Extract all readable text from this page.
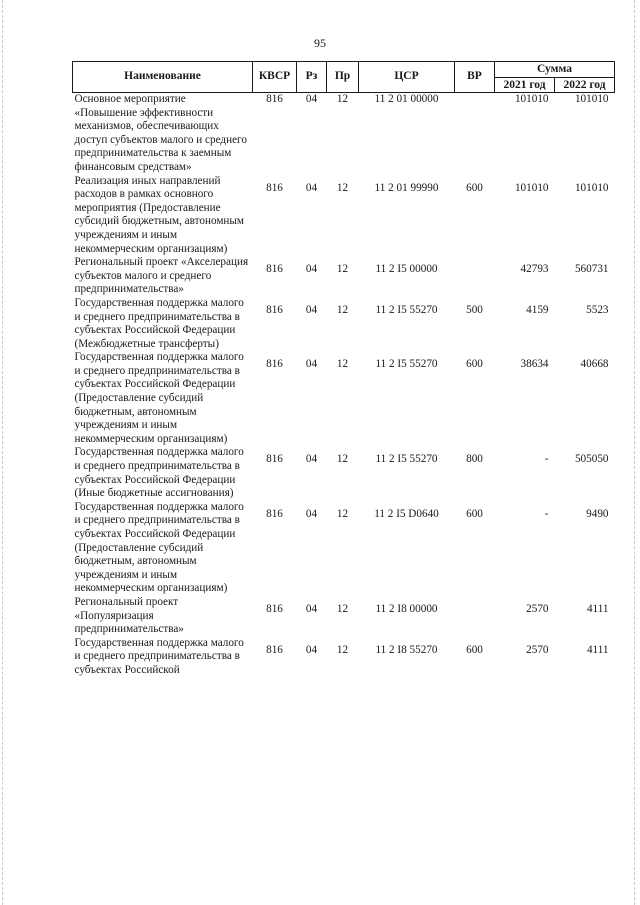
95
Наименование	КВСР	Рз	Пр	ЦСР	ВР	Сумма	
						2021 год	2022 год
Основное мероприятие «Повышение эффективности механизмов, обеспечивающих доступ субъектов малого и среднего предпринимательства к заемным финансовым средствам»	816	04	12	11 2 01 00000		101010	101010
Реализация иных направлений расходов в рамках основного мероприятия (Предоставление субсидий бюджетным, автономным учреждениям и иным некоммерческим организациям)	816	04	12	11 2 01 99990	600	101010	101010
Региональный проект «Акселерация субъектов малого и среднего предпринимательства»	816	04	12	11 2 I5 00000		42793	560731
Государственная поддержка малого и среднего предпринимательства в субъектах Российской Федерации (Межбюджетные трансферты)	816	04	12	11 2 I5 55270	500	4159	5523
Государственная поддержка малого и среднего предпринимательства в субъектах Российской Федерации (Предоставление субсидий бюджетным, автономным учреждениям и иным некоммерческим организациям)	816	04	12	11 2 I5 55270	600	38634	40668
Государственная поддержка малого и среднего предпринимательства в субъектах Российской Федерации (Иные бюджетные ассигнования)	816	04	12	11 2 I5 55270	800	-	505050
Государственная поддержка малого и среднего предпринимательства в субъектах Российской Федерации (Предоставление субсидий бюджетным, автономным учреждениям и иным некоммерческим организациям)	816	04	12	11 2 I5 D0640	600	-	9490
Региональный проект «Популяризация предпринимательства»	816	04	12	11 2 I8 00000		2570	4111
Государственная поддержка малого и среднего предпринимательства в субъектах Российской	816	04	12	11 2 I8 55270	600	2570	4111
